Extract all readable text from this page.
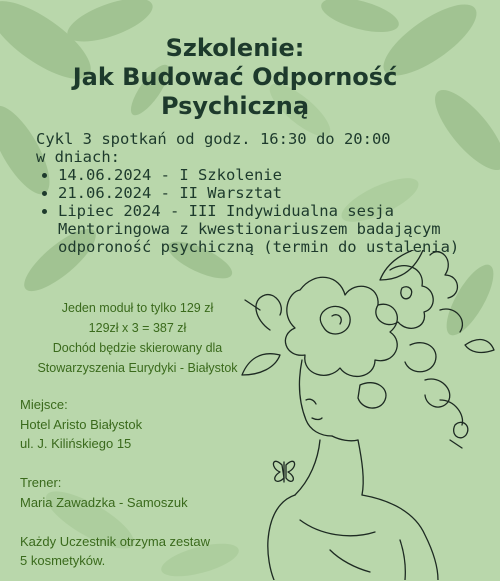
Szkolenie:
Jak Budować Odporność
Psychiczną
Cykl 3 spotkań od godz. 16:30 do 20:00
w dniach:
• 14.06.2024 - I Szkolenie
• 21.06.2024 - II Warsztat
• Lipiec 2024 - III Indywidualna sesja Mentoringowa z kwestionariuszem badającym odporoność psychiczną (termin do ustalenia)
Jeden moduł to tylko 129 zł
129zł x 3 = 387 zł
Dochód będzie skierowany dla
Stowarzyszenia Eurydyki - Białystok
Miejsce:
Hotel Aristo Białystok
ul. J. Kilińskiego 15
Trener:
Maria Zawadzka - Samoszuk
Każdy Uczestnik otrzyma zestaw
5 kosmetyków.
